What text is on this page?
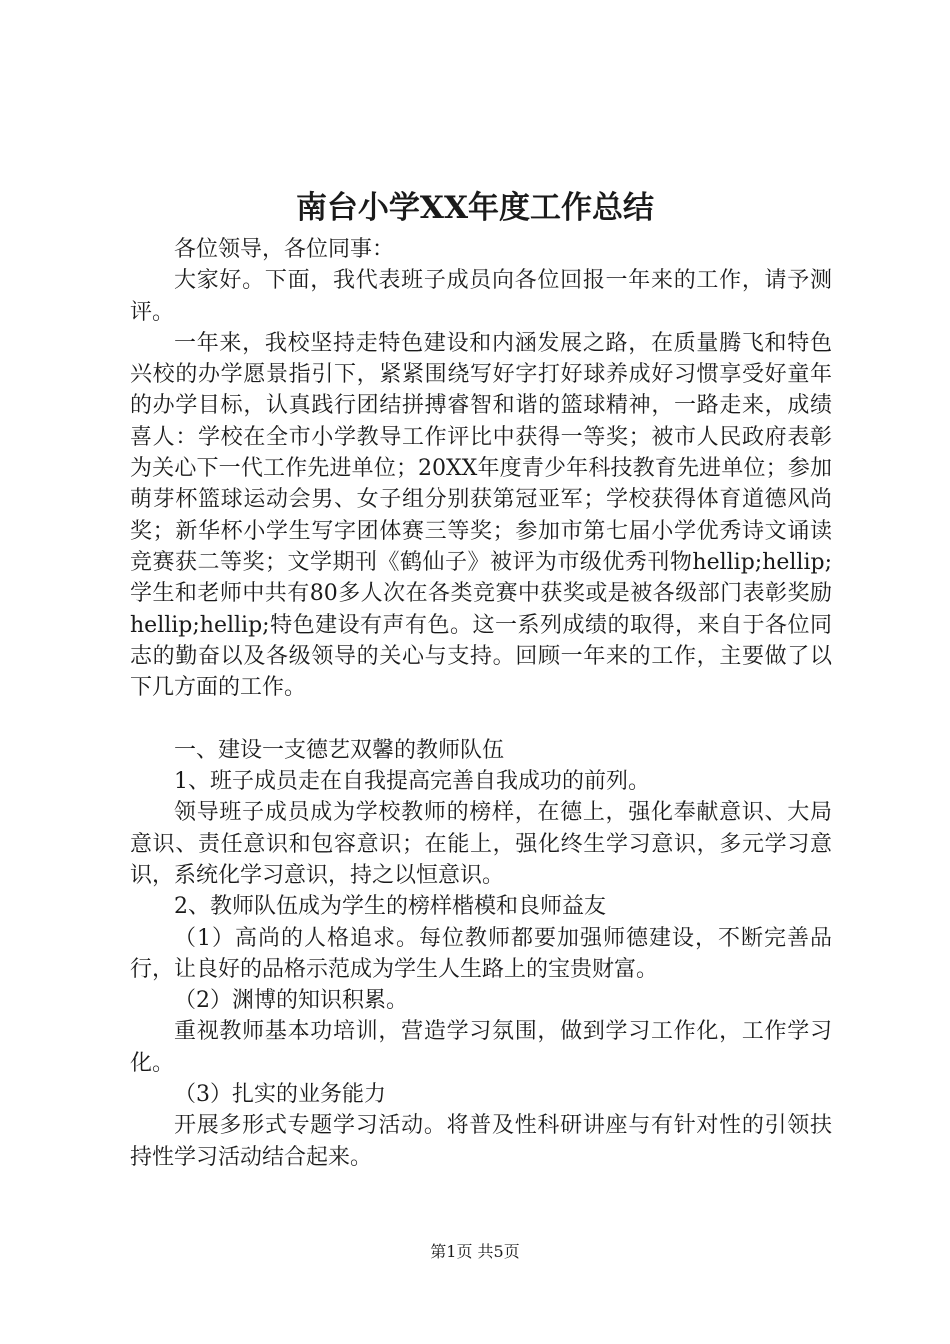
南台小学XX年度工作总结

各位领导，各位同事：

大家好。下面，我代表班子成员向各位回报一年来的工作，请予测评。

一年来，我校坚持走特色建设和内涵发展之路，在质量腾飞和特色兴校的办学愿景指引下，紧紧围绕写好字打好球养成好习惯享受好童年的办学目标，认真践行团结拼搏睿智和谐的篮球精神，一路走来，成绩喜人：学校在全市小学教导工作评比中获得一等奖；被市人民政府表彰为关心下一代工作先进单位；20XX年度青少年科技教育先进单位；参加萌芽杯篮球运动会男、女子组分别获第冠亚军；学校获得体育道德风尚奖；新华杯小学生写字团体赛三等奖；参加市第七届小学优秀诗文诵读竞赛获二等奖；文学期刊《鹤仙子》被评为市级优秀刊物hellip;hellip;学生和老师中共有80多人次在各类竞赛中获奖或是被各级部门表彰奖励hellip;hellip;特色建设有声有色。这一系列成绩的取得，来自于各位同志的勤奋以及各级领导的关心与支持。回顾一年来的工作，主要做了以下几方面的工作。

一、建设一支德艺双馨的教师队伍

1、班子成员走在自我提高完善自我成功的前列。

领导班子成员成为学校教师的榜样，在德上，强化奉献意识、大局意识、责任意识和包容意识；在能上，强化终生学习意识，多元学习意识，系统化学习意识，持之以恒意识。

2、教师队伍成为学生的榜样楷模和良师益友

（1）高尚的人格追求。每位教师都要加强师德建设，不断完善品行，让良好的品格示范成为学生人生路上的宝贵财富。

（2）渊博的知识积累。

重视教师基本功培训，营造学习氛围，做到学习工作化，工作学习化。

（3）扎实的业务能力

开展多形式专题学习活动。将普及性科研讲座与有针对性的引领扶持性学习活动结合起来。

第1页 共5页
